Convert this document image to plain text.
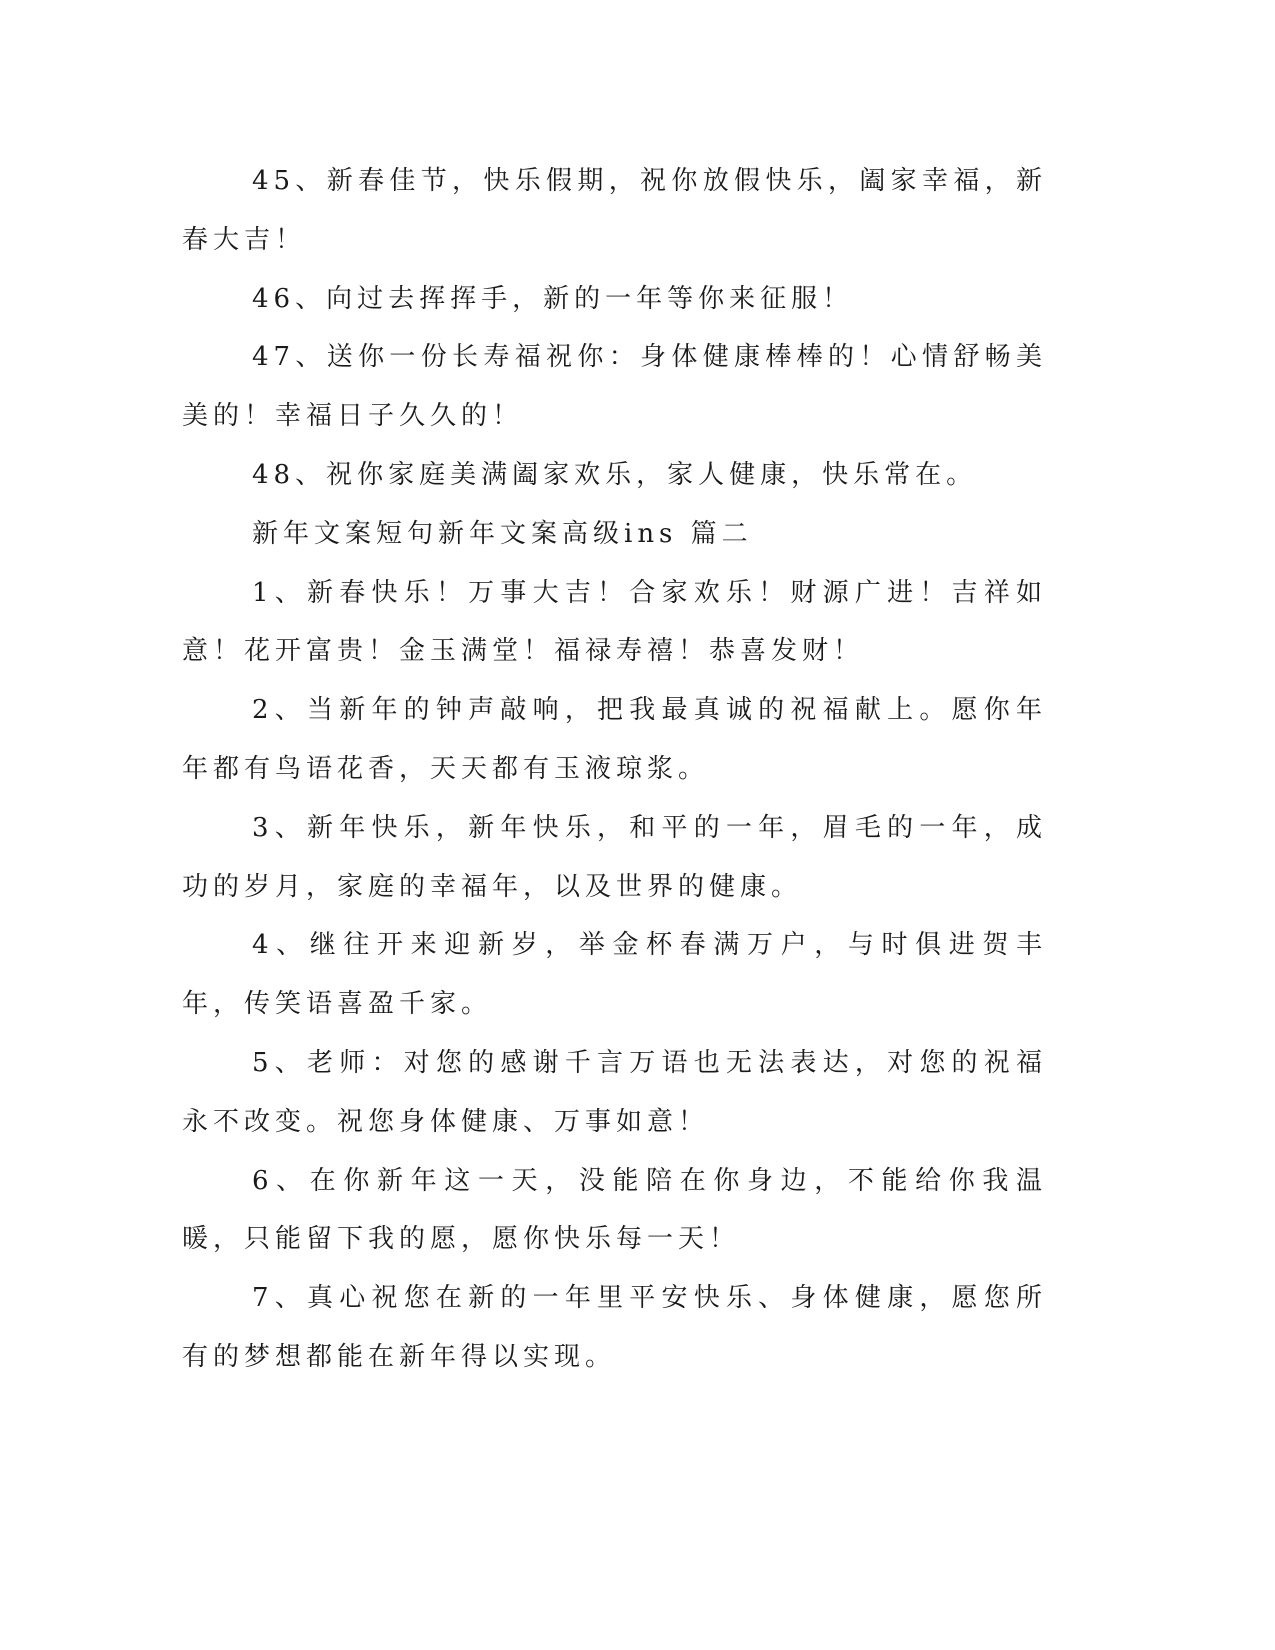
45、新春佳节，快乐假期，祝你放假快乐，阖家幸福，新春大吉！

46、向过去挥挥手，新的一年等你来征服！

47、送你一份长寿福祝你：身体健康棒棒的！心情舒畅美美的！幸福日子久久的！

48、祝你家庭美满阖家欢乐，家人健康，快乐常在。

新年文案短句新年文案高级ins 篇二

1、新春快乐！万事大吉！合家欢乐！财源广进！吉祥如意！花开富贵！金玉满堂！福禄寿禧！恭喜发财！

2、当新年的钟声敲响，把我最真诚的祝福献上。愿你年年都有鸟语花香，天天都有玉液琼浆。

3、新年快乐，新年快乐，和平的一年，眉毛的一年，成功的岁月，家庭的幸福年，以及世界的健康。

4、继往开来迎新岁，举金杯春满万户，与时俱进贺丰年，传笑语喜盈千家。

5、老师：对您的感谢千言万语也无法表达，对您的祝福永不改变。祝您身体健康、万事如意！

6、在你新年这一天，没能陪在你身边，不能给你我温暖，只能留下我的愿，愿你快乐每一天！

7、真心祝您在新的一年里平安快乐、身体健康，愿您所有的梦想都能在新年得以实现。
